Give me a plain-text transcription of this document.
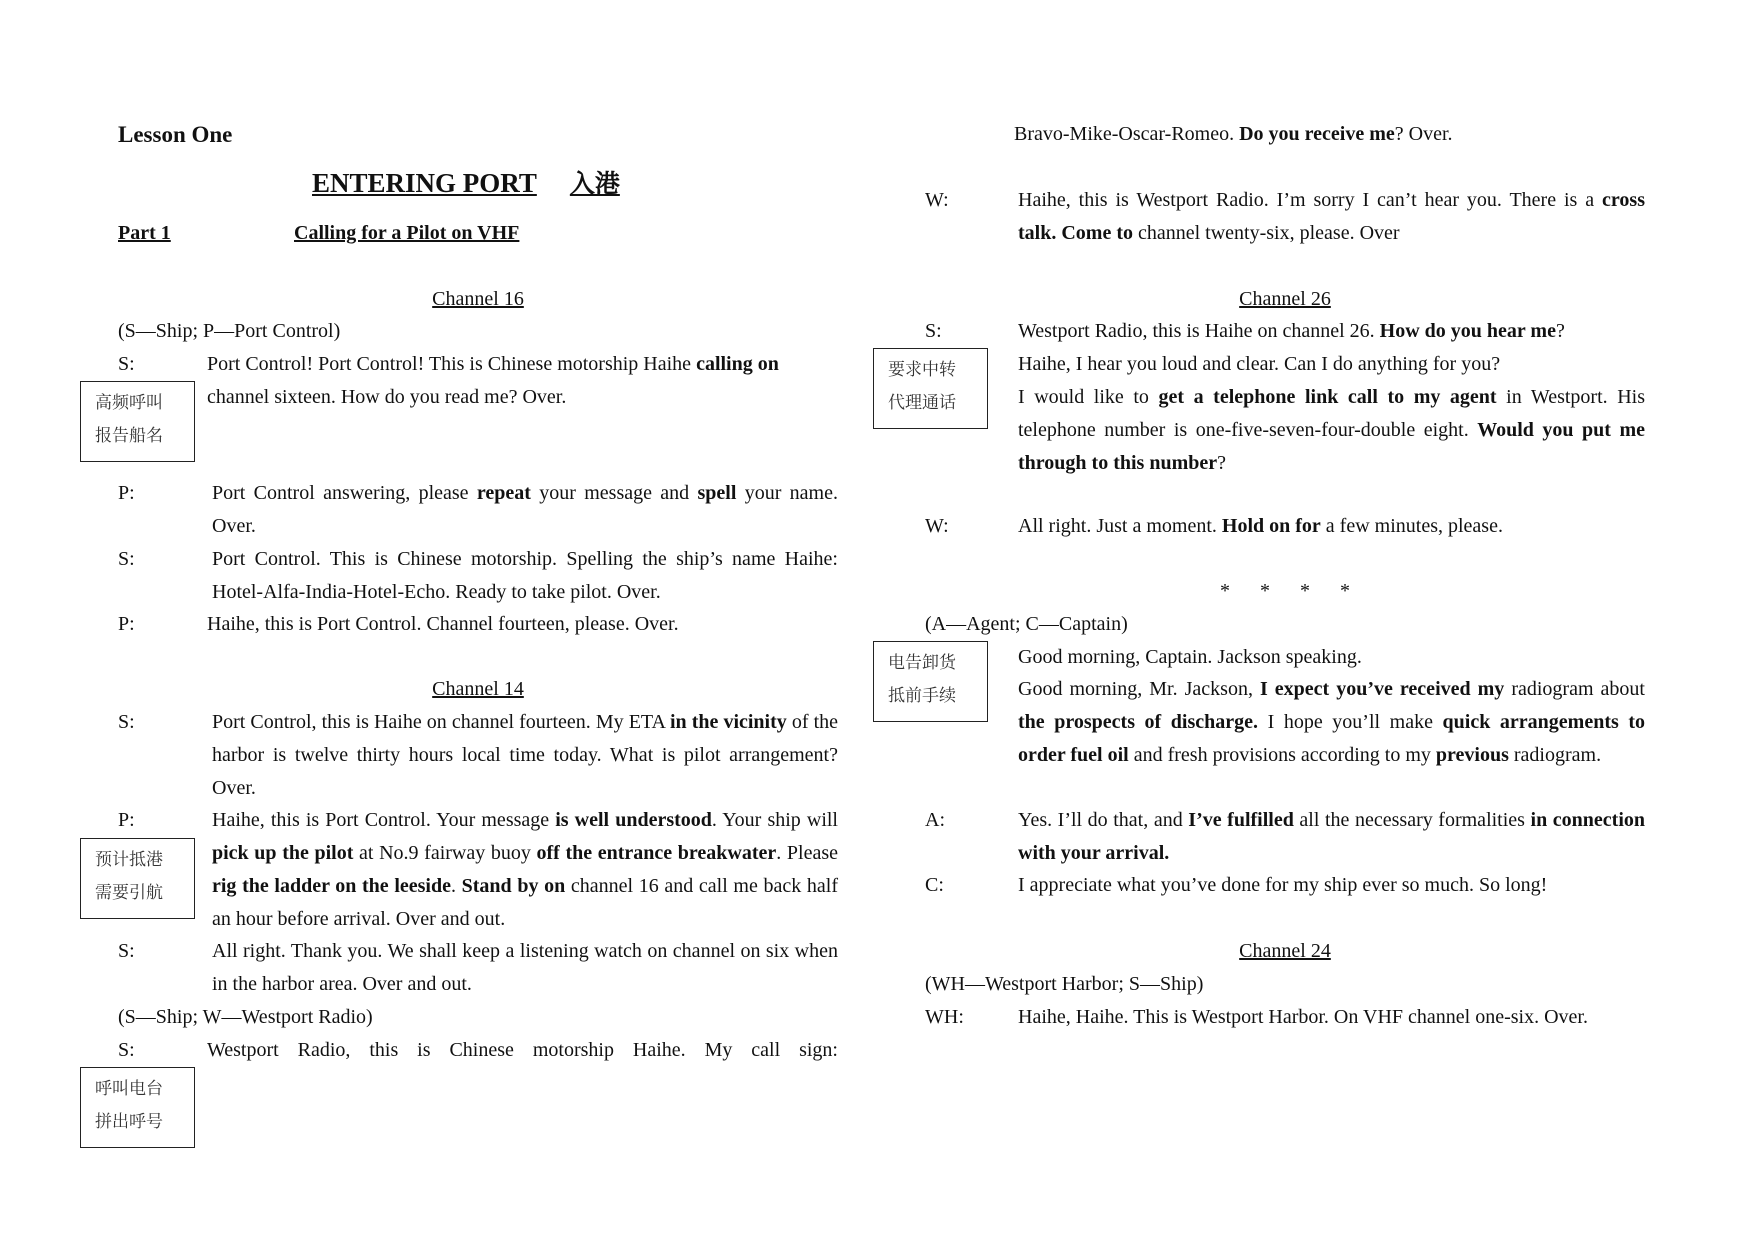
Lesson One
ENTERING PORT 入港
Part 1	Calling for a Pilot on VHF
Channel 16
(S—Ship; P—Port Control)
S:	Port Control! Port Control! This is Chinese motorship Haihe calling on
channel sixteen. How do you read me? Over.
P:	Port Control answering, please repeat your message and spell your name. Over.
S:	Port Control. This is Chinese motorship. Spelling the ship’s name Haihe: Hotel-Alfa-India-Hotel-Echo. Ready to take pilot. Over.
P:	Haihe, this is Port Control. Channel fourteen, please. Over.
Channel 14
S:	Port Control, this is Haihe on channel fourteen. My ETA in the vicinity of the harbor is twelve thirty hours local time today. What is pilot arrangement? Over.
P:	Haihe, this is Port Control. Your message is well understood. Your ship will pick up the pilot at No.9 fairway buoy off the entrance breakwater. Please rig the ladder on the leeside. Stand by on channel 16 and call me back half an hour before arrival. Over and out.
S:	All right. Thank you. We shall keep a listening watch on channel on six when in the harbor area. Over and out.
(S—Ship; W—Westport Radio)
S:	Westport Radio, this is Chinese motorship Haihe. My call sign:
高频呼叫
报告船名
预计抵港
需要引航
呼叫电台
拼出呼号
Bravo-Mike-Oscar-Romeo. Do you receive me? Over.
W:	Haihe, this is Westport Radio. I’m sorry I can’t hear you. There is a cross talk. Come to channel twenty-six, please. Over
Channel 26
S:	Westport Radio, this is Haihe on channel 26. How do you hear me?
Haihe, I hear you loud and clear. Can I do anything for you?
I would like to get a telephone link call to my agent in Westport. His telephone number is one-five-seven-four-double eight. Would you put me through to this number?
W:	All right. Just a moment. Hold on for a few minutes, please.
*      *      *      *
(A—Agent; C—Captain)
Good morning, Captain. Jackson speaking.
Good morning, Mr. Jackson, I expect you’ve received my radiogram about the prospects of discharge. I hope you’ll make quick arrangements to order fuel oil and fresh provisions according to my previous radiogram.
A:	Yes. I’ll do that, and I’ve fulfilled all the necessary formalities in connection with your arrival.
C:	I appreciate what you’ve done for my ship ever so much. So long!
Channel 24
(WH—Westport Harbor; S—Ship)
WH:	Haihe, Haihe. This is Westport Harbor. On VHF channel one-six. Over.
要求中转
代理通话
电告卸货
抵前手续
